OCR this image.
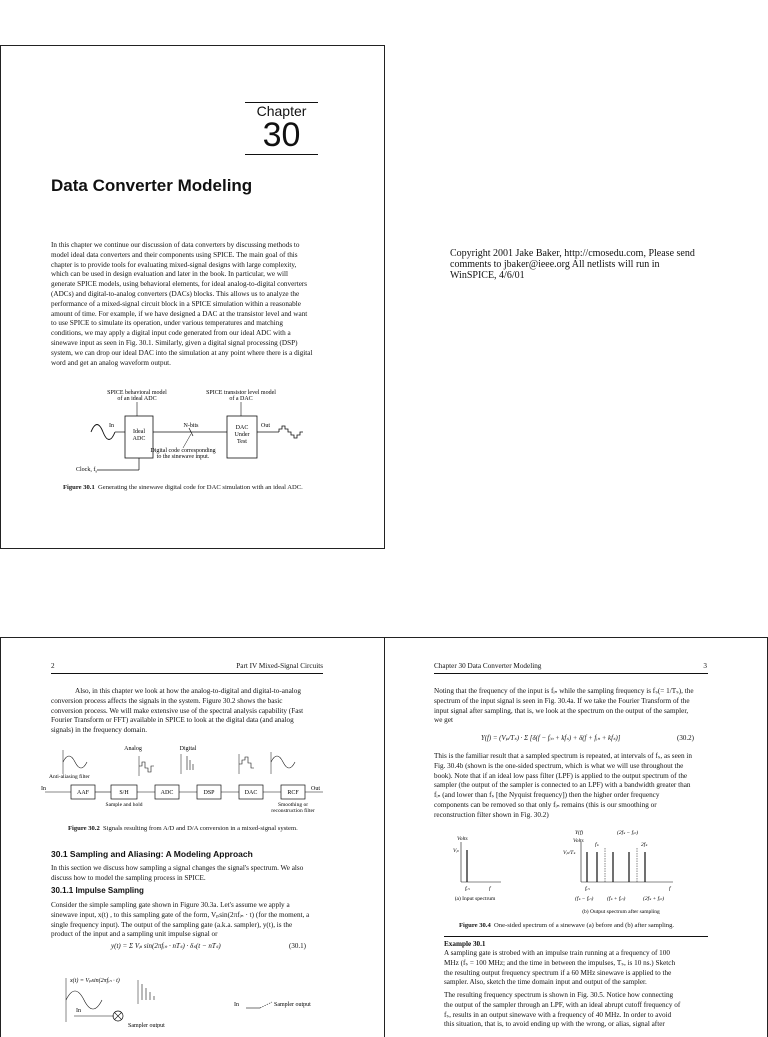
Chapter
30
Data Converter Modeling
In this chapter we continue our discussion of data converters by discussing methods to
model ideal data converters and their components using SPICE. The main goal of this
chapter is to provide tools for evaluating mixed-signal designs with large complexity,
which can be used in design evaluation and later in the book. In particular, we will
generate SPICE models, using behavioral elements, for ideal analog-to-digital converters
(ADCs) and digital-to-analog converters (DACs) blocks. This allows us to analyze the
performance of a mixed-signal circuit block in a SPICE simulation within a reasonable
amount of time. For example, if we have designed a DAC at the transistor level and want
to use SPICE to simulate its operation, under various temperatures and matching
conditions, we may apply a digital input code generated from our ideal ADC with a
sinewave input as seen in Fig. 30.1. Similarly, given a digital signal processing (DSP)
system, we can drop our ideal DAC into the simulation at any point where there is a digital
word and get an analog waveform output.
SPICE behavioral model
of an ideal ADC
SPICE transistor level model
of a DAC
In
Ideal
ADC
N-bits
Digital code corresponding
to the sinewave input.
DAC
Under
Test
Out
Clock, $f_s$
Figure 30.1 Generating the sinewave digital code for DAC simulation with an ideal ADC.
Copyright 2001 Jake Baker, http://cmosedu.com, Please send
comments to jbaker@ieee.org All netlists will run in
WinSPICE, 4/6/01
2	Part IV Mixed-Signal Circuits
Also, in this chapter we look at how the analog-to-digital and digital-to-analog
conversion process affects the signals in the system. Figure 30.2 shows the basic
conversion process. We will make extensive use of the spectral analysis capability (Fast
Fourier Transform or FFT) available in SPICE to look at the digital data (and analog
signals) in the frequency domain.
Analog	Digital
Anti-aliasing filter
In
AAF	S/H	ADC	DSP	DAC	RCF
Out
Sample and hold	Smoothing or
reconstruction filter
Figure 30.2 Signals resulting from A/D and D/A conversion in a mixed-signal system.
30.1 Sampling and Aliasing: A Modeling Approach
In this section we discuss how sampling a signal changes the signal's spectrum. We also
discuss how to model the sampling process in SPICE.
30.1.1 Impulse Sampling
Consider the simple sampling gate shown in Figure 30.3a. Let's assume we apply a
sinewave input, x(t) , to this sampling gate of the form, Vₚsin(2πfᵢₙ · t) (for the moment, a
single frequency input). The output of the sampling gate (a.k.a. sampler), y(t), is the
product of the input and a sampling unit impulse signal or
y(t) = Σ Vₚ sin(2πfᵢₙ · nTₛ) · δₛ(t − nTₛ)	(30.1)
x(t) = Vₚsin(2πfᵢₙ · t)
In
Sampler output
In	Sampler output
Chapter 30 Data Converter Modeling	3
Noting that the frequency of the input is fᵢₙ while the sampling frequency is fₛ(= 1/Tₛ), the
spectrum of the input signal is seen in Fig. 30.4a. If we take the Fourier Transform of the
input signal after sampling, that is, we look at the spectrum on the output of the sampler,
we get
Y(f) = (Vₚ/Tₛ) · Σ [δ(f − fᵢₙ + kfₛ) + δ(f + fᵢₙ + kfₛ)]	(30.2)
This is the familiar result that a sampled spectrum is repeated, at intervals of fₛ, as seen in
Fig. 30.4b (shown is the one-sided spectrum, which is what we will use throughout the
book). Note that if an ideal low pass filter (LPF) is applied to the output spectrum of the
sampler (the output of the sampler is connected to an LPF) with a bandwidth greater than
fᵢₙ (and lower than fₛ [the Nyquist frequency]) then the higher order frequency
components can be removed so that only fᵢₙ remains (this is our smoothing or
reconstruction filter shown in Fig. 30.2)
Volts
Vₚ
fᵢₙ	f
(a) Input spectrum
Y(f)
Volts
Vₚ/Tₛ
(2fₛ − fᵢₙ)
fₛ	2fₛ
fᵢₙ	f
(fₛ − fᵢₙ) (fₛ + fᵢₙ)	(2fₛ + fᵢₙ)
(b) Output spectrum after sampling
Figure 30.4 One-sided spectrum of a sinewave (a) before and (b) after sampling.
Example 30.1
A sampling gate is strobed with an impulse train running at a frequency of 100
MHz (fₛ = 100 MHz; and the time in between the impulses, Tₛ, is 10 ns.) Sketch
the resulting output frequency spectrum if a 60 MHz sinewave is applied to the
sampler. Also, sketch the time domain input and output of the sampler.
The resulting frequency spectrum is shown in Fig. 30.5. Notice how connecting
the output of the sampler through an LPF, with an ideal abrupt cutoff frequency of
fₛ, results in an output sinewave with a frequency of 40 MHz. In order to avoid
this situation, that is, to avoid ending up with the wrong, or alias, signal after
